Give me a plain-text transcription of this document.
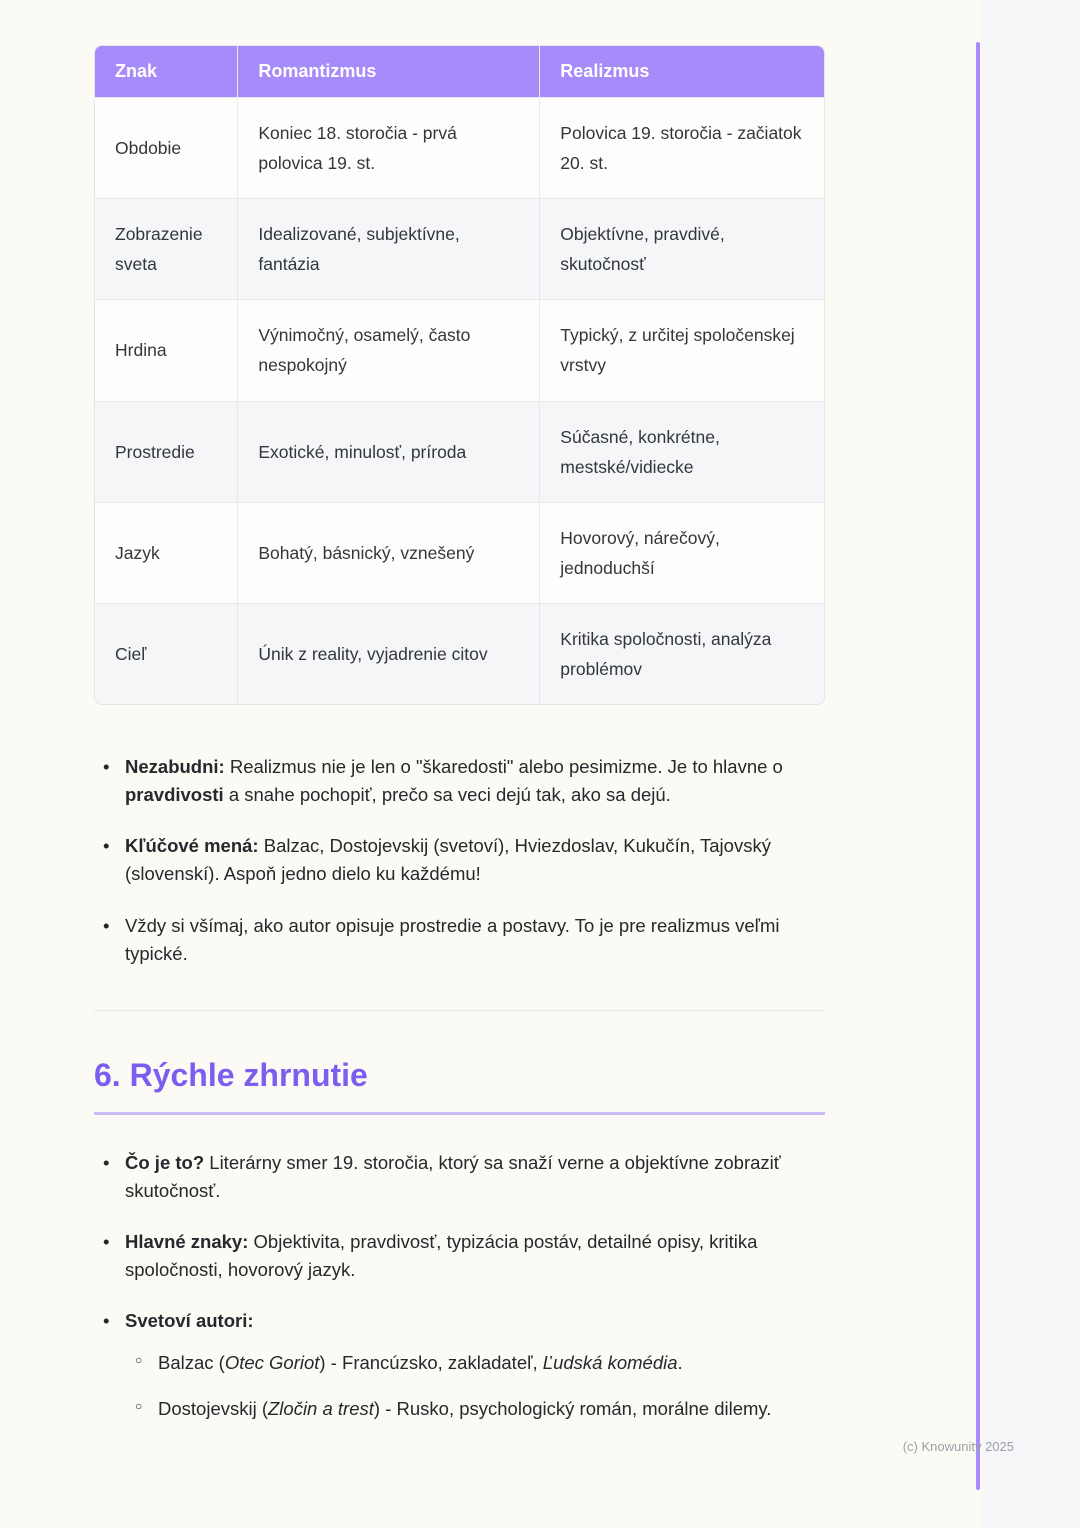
(c) Knowunity 2025
Znak	Romantizmus	Realizmus
Obdobie	Koniec 18. storočia - prvá polovica 19. st.	Polovica 19. storočia - začiatok 20. st.
Zobrazenie sveta	Idealizované, subjektívne, fantázia	Objektívne, pravdivé, skutočnosť
Hrdina	Výnimočný, osamelý, často nespokojný	Typický, z určitej spoločenskej vrstvy
Prostredie	Exotické, minulosť, príroda	Súčasné, konkrétne, mestské/vidiecke
Jazyk	Bohatý, básnický, vznešený	Hovorový, nárečový, jednoduchší
Cieľ	Únik z reality, vyjadrenie citov	Kritika spoločnosti, analýza problémov
• Nezabudni: Realizmus nie je len o "škaredosti" alebo pesimizme. Je to hlavne o pravdivosti a snahe pochopiť, prečo sa veci dejú tak, ako sa dejú.
• Kľúčové mená: Balzac, Dostojevskij (svetoví), Hviezdoslav, Kukučín, Tajovský (slovenskí). Aspoň jedno dielo ku každému!
• Vždy si všímaj, ako autor opisuje prostredie a postavy. To je pre realizmus veľmi typické.
6. Rýchle zhrnutie
• Čo je to? Literárny smer 19. storočia, ktorý sa snaží verne a objektívne zobraziť skutočnosť.
• Hlavné znaky: Objektivita, pravdivosť, typizácia postáv, detailné opisy, kritika spoločnosti, hovorový jazyk.
• Svetoví autori:
○ Balzac (Otec Goriot) - Francúzsko, zakladateľ, Ľudská komédia.
○ Dostojevskij (Zločin a trest) - Rusko, psychologický román, morálne dilemy.
